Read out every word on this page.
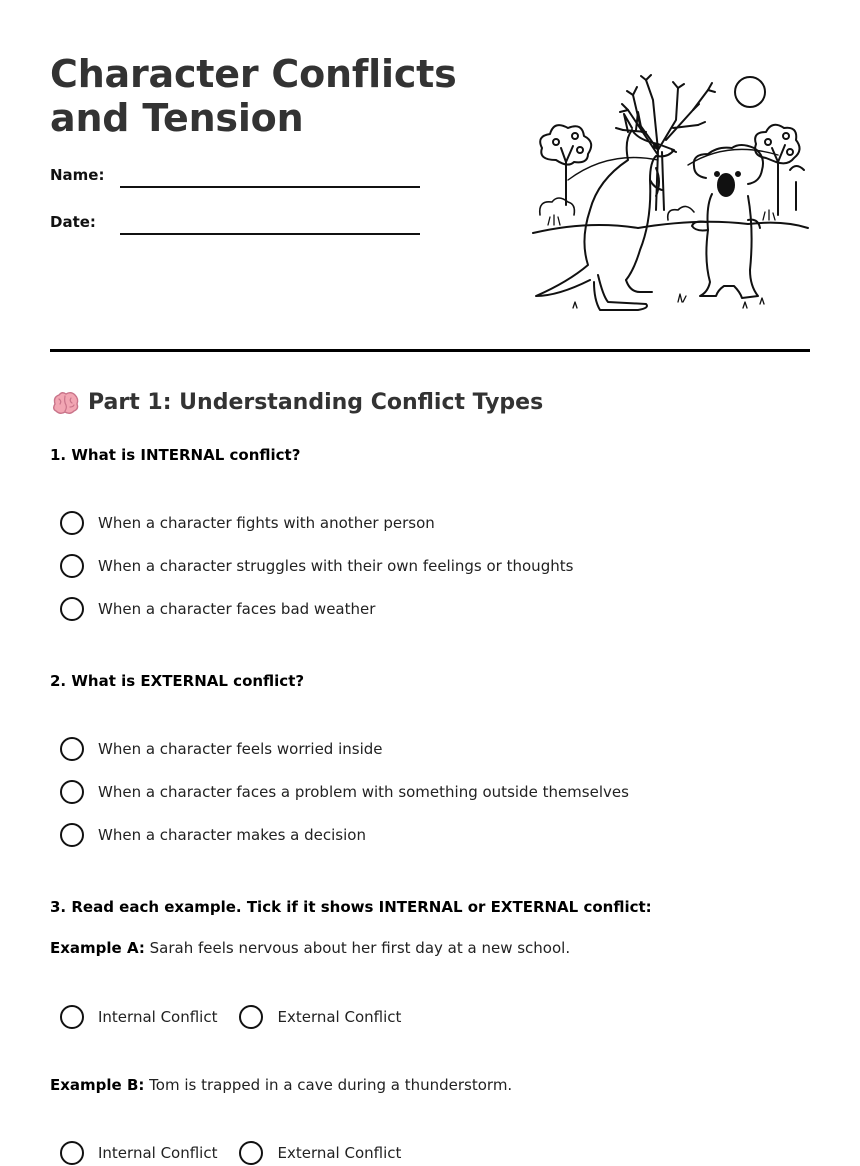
Character Conflicts and Tension
Name:
Date:
Part 1: Understanding Conflict Types
1. What is INTERNAL conflict?
When a character fights with another person
When a character struggles with their own feelings or thoughts
When a character faces bad weather
2. What is EXTERNAL conflict?
When a character feels worried inside
When a character faces a problem with something outside themselves
When a character makes a decision
3. Read each example. Tick if it shows INTERNAL or EXTERNAL conflict:
Example A: Sarah feels nervous about her first day at a new school.
Internal Conflict	External Conflict
Example B: Tom is trapped in a cave during a thunderstorm.
Internal Conflict	External Conflict
